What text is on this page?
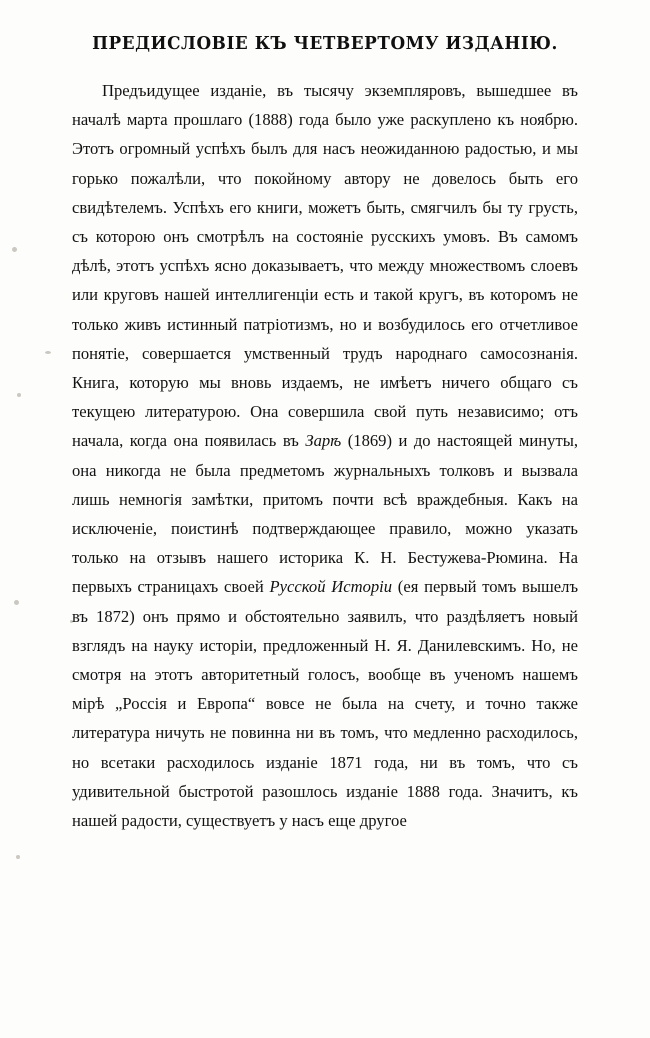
ПРЕДИСЛОВІЕ КЪ ЧЕТВЕРТОМУ ИЗДАНІЮ.

Предъидущее изданіе, въ тысячу экземпляровъ, вышедшее въ началѣ марта прошлаго (1888) года было уже раскуплено къ ноябрю. Этотъ огромный успѣхъ былъ для насъ неожиданною радостью, и мы горько пожалѣли, что покойному автору не довелось быть его свидѣтелемъ. Успѣхъ его книги, можетъ быть, смягчилъ бы ту грусть, съ которою онъ смотрѣлъ на состояніе русскихъ умовъ. Въ самомъ дѣлѣ, этотъ успѣхъ ясно доказываетъ, что между множествомъ слоевъ или круговъ нашей интеллигенціи есть и такой кругъ, въ которомъ не только живъ истинный патріотизмъ, но и возбудилось его отчетливое понятіе, совершается умственный трудъ народнаго самосознанія. Книга, которую мы вновь издаемъ, не имѣетъ ничего общаго съ текущею литературою. Она совершила свой путь независимо; отъ начала, когда она появилась въ Зарѣ (1869) и до настоящей минуты, она никогда не была предметомъ журнальныхъ толковъ и вызвала лишь немногія замѣтки, притомъ почти всѣ враждебныя. Какъ на исключеніе, поистинѣ подтверждающее правило, можно указать только на отзывъ нашего историка К. Н. Бестужева-Рюмина. На первыхъ страницахъ своей Русской Исторіи (ея первый томъ вышелъ въ 1872) онъ прямо и обстоятельно заявилъ, что раздѣляетъ новый взглядъ на науку исторіи, предложенный Н. Я. Данилевскимъ. Но, не смотря на этотъ авторитетный голосъ, вообще въ ученомъ нашемъ мірѣ „Россія и Европа“ вовсе не была на счету, и точно также литература ничуть не повинна ни въ томъ, что медленно расходилось, но всетаки расходилось изданіе 1871 года, ни въ томъ, что съ удивительной быстротой разошлось изданіе 1888 года. Значитъ, къ нашей радости, существуетъ у насъ еще другое
